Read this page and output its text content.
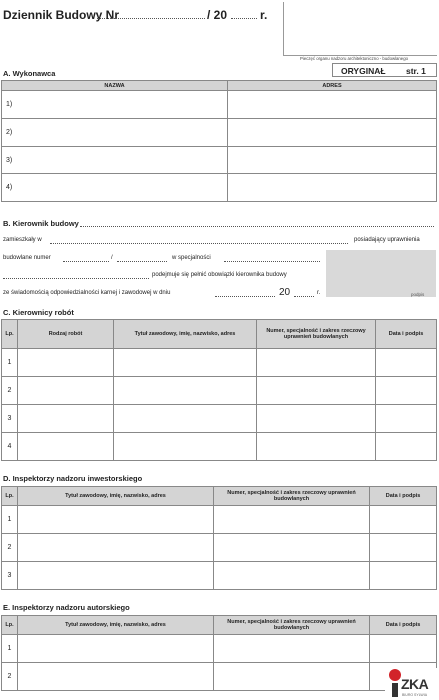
Dziennik Budowy Nr	/ 20	r.
Pieczęć organu nadzoru architektoniczno - budowlanego
ORYGINAŁ str. 1
A. Wykonawca
NAZWA	ADRES
1)	
2)	
3)	
4)	
B. Kierownik budowy
zamieszkały w	posiadający uprawnienia
budowlane numer	/	w specjalności
podejmuje się pełnić obowiązki kierownika budowy
ze świadomością odpowiedzialności karnej i zawodowej w dniu	20	r.	podpis
C. Kierownicy robót
Lp.	Rodzaj robót	Tytuł zawodowy, imię, nazwisko, adres	Numer, specjalność i zakres rzeczowy uprawnień budowlanych	Data i podpis
1				
2				
3				
4				
D. Inspektorzy nadzoru inwestorskiego
Lp.	Tytuł zawodowy, imię, nazwisko, adres	Numer, specjalność i zakres rzeczowy uprawnień budowlanych	Data i podpis
1			
2			
3			
E. Inspektorzy nadzoru autorskiego
Lp.	Tytuł zawodowy, imię, nazwisko, adres	Numer, specjalność i zakres rzeczowy uprawnień budowlanych	Data i podpis
1			
2				ZKA
BIURO SYLWIA
